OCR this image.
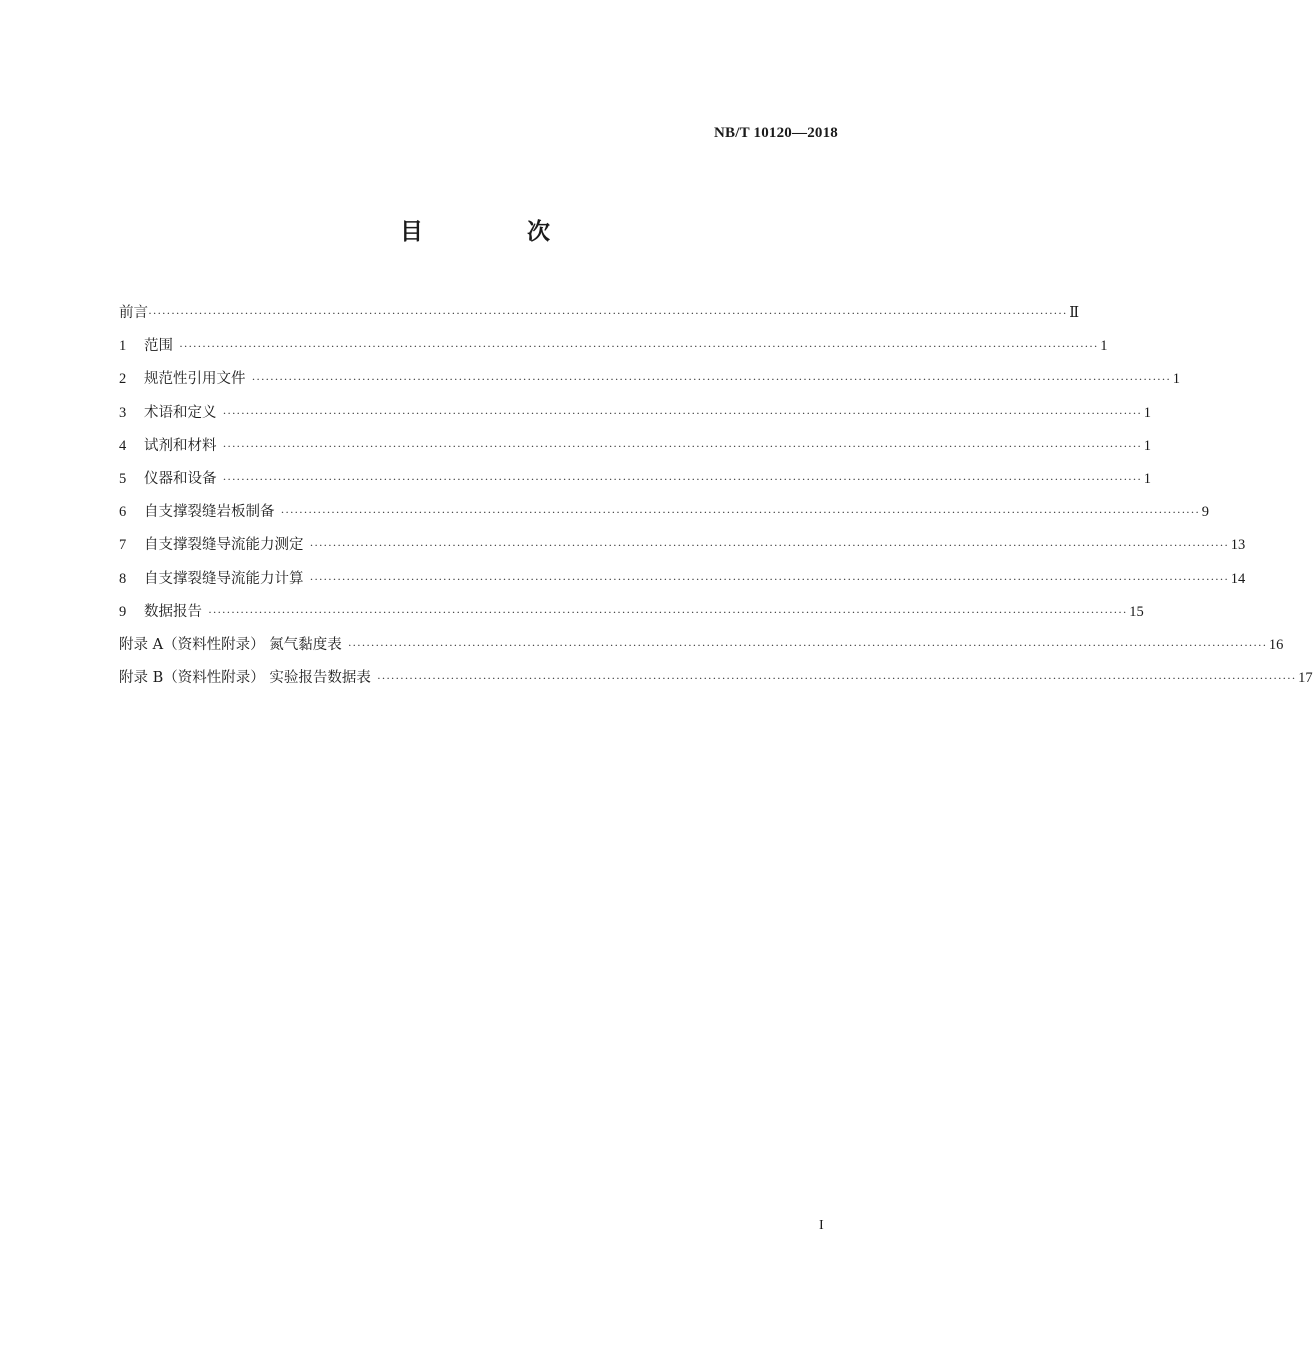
NB/T 10120—2018

目 次
前言 ········································································································································································································ Ⅱ
1	范围 ········································································································································································································ 1
2	规范性引用文件 ········································································································································································································ 1
3	术语和定义 ········································································································································································································ 1
4	试剂和材料 ········································································································································································································ 1
5	仪器和设备 ········································································································································································································ 1
6	自支撑裂缝岩板制备 ········································································································································································································ 9
7	自支撑裂缝导流能力测定 ········································································································································································································ 13
8	自支撑裂缝导流能力计算 ········································································································································································································ 14
9	数据报告 ········································································································································································································ 15
附录 A（资料性附录） 氮气黏度表 ········································································································································································································ 16
附录 B（资料性附录） 实验报告数据表 ········································································································································································································ 17

I
